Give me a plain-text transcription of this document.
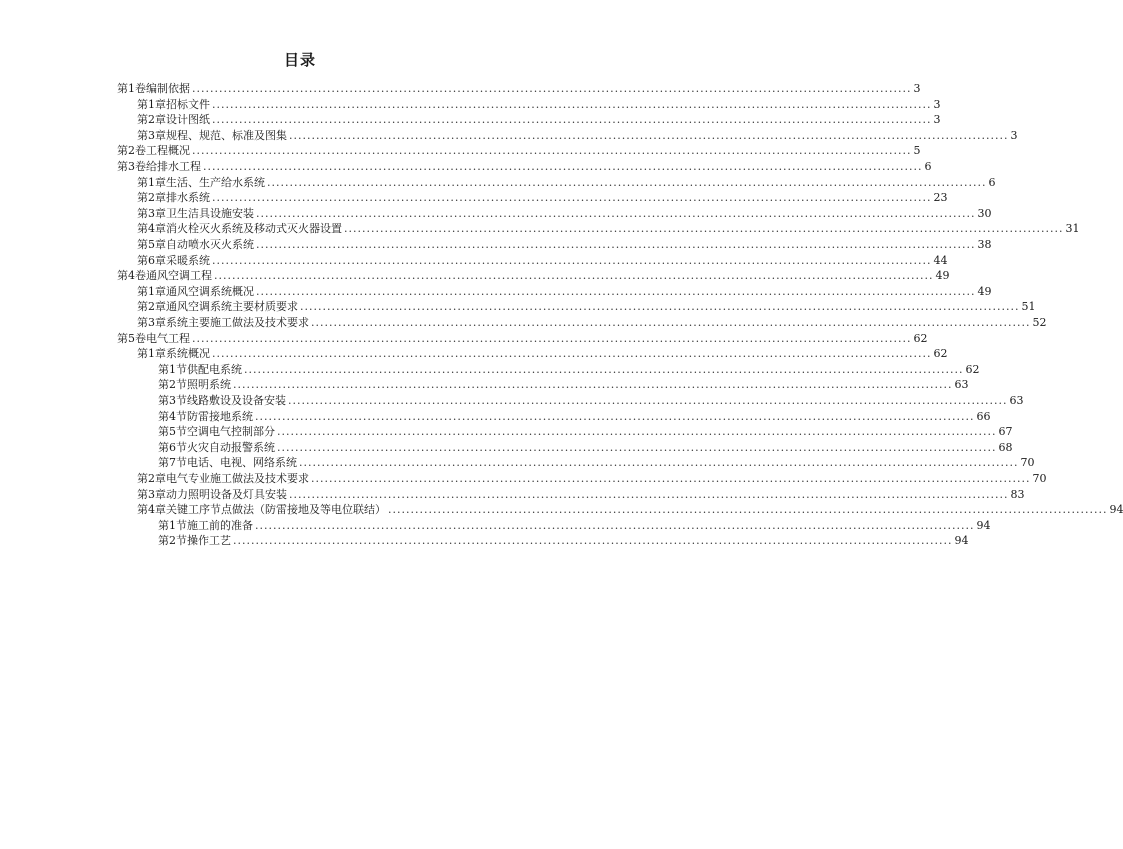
目录
第1卷 编制依据 ................................................................................................................................................................ 3
第1章 招标文件 ................................................................................................................................................................ 3
第2章 设计图纸 ................................................................................................................................................................ 3
第3章 规程、规范、标准及图集 ................................................................................................................................................................ 3
第2卷 工程概况 ................................................................................................................................................................ 5
第3卷 给排水工程 ................................................................................................................................................................ 6
第1章 生活、生产给水系统 ................................................................................................................................................................ 6
第2章 排水系统 ................................................................................................................................................................ 23
第3章 卫生洁具设施安装 ................................................................................................................................................................ 30
第4章 消火栓灭火系统及移动式灭火器设置 ................................................................................................................................................................ 31
第5章 自动喷水灭火系统 ................................................................................................................................................................ 38
第6章 采暖系统 ................................................................................................................................................................ 44
第4卷 通风空调工程 ................................................................................................................................................................ 49
第1章 通风空调系统概况 ................................................................................................................................................................ 49
第2章 通风空调系统主要材质要求 ................................................................................................................................................................ 51
第3章 系统主要施工做法及技术要求 ................................................................................................................................................................ 52
第5卷 电气工程 ................................................................................................................................................................ 62
第1章 系统概况 ................................................................................................................................................................ 62
第1节 供配电系统 ................................................................................................................................................................ 62
第2节 照明系统 ................................................................................................................................................................ 63
第3节 线路敷设及设备安装 ................................................................................................................................................................ 63
第4节 防雷接地系统 ................................................................................................................................................................ 66
第5节 空调电气控制部分 ................................................................................................................................................................ 67
第6节 火灾自动报警系统 ................................................................................................................................................................ 68
第7节 电话、电视、网络系统 ................................................................................................................................................................ 70
第2章 电气专业施工做法及技术要求 ................................................................................................................................................................ 70
第3章 动力照明设备及灯具安装 ................................................................................................................................................................ 83
第4章 关键工序节点做法（防雷接地及等电位联结） ................................................................................................................................................................ 94
第1节 施工前的准备 ................................................................................................................................................................ 94
第2节 操作工艺 ................................................................................................................................................................ 94
